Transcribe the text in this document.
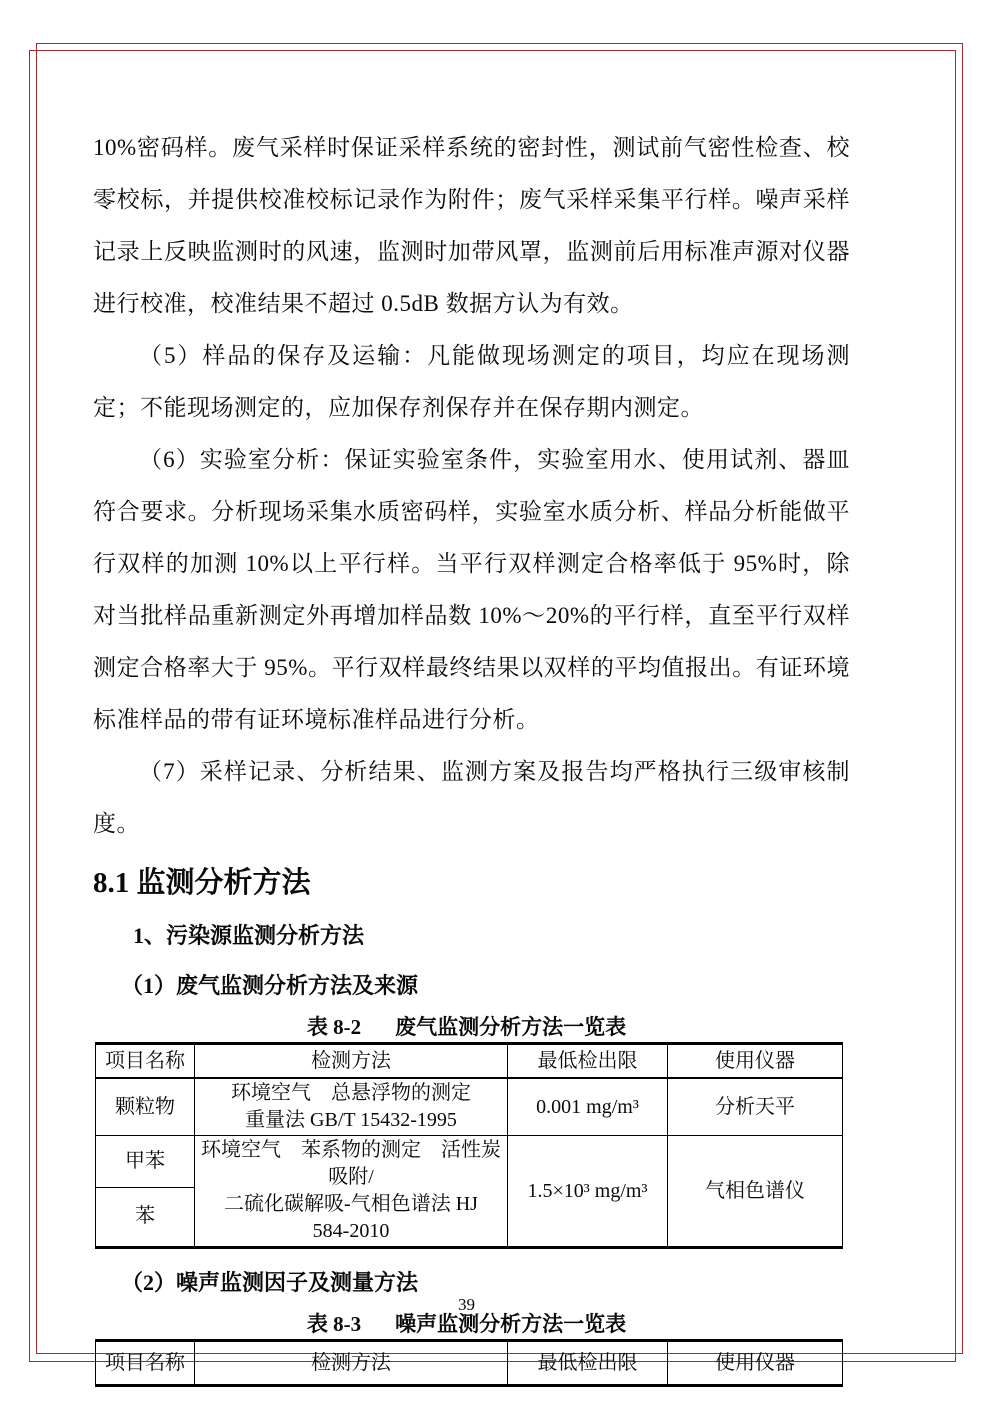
10%密码样。废气采样时保证采样系统的密封性，测试前气密性检查、校零校标，并提供校准校标记录作为附件；废气采样采集平行样。噪声采样记录上反映监测时的风速，监测时加带风罩，监测前后用标准声源对仪器进行校准，校准结果不超过 0.5dB 数据方认为有效。

（5）样品的保存及运输：凡能做现场测定的项目，均应在现场测定；不能现场测定的，应加保存剂保存并在保存期内测定。

（6）实验室分析：保证实验室条件，实验室用水、使用试剂、器皿符合要求。分析现场采集水质密码样，实验室水质分析、样品分析能做平行双样的加测 10%以上平行样。当平行双样测定合格率低于 95%时，除对当批样品重新测定外再增加样品数 10%～20%的平行样，直至平行双样测定合格率大于 95%。平行双样最终结果以双样的平均值报出。有证环境标准样品的带有证环境标准样品进行分析。

（7）采样记录、分析结果、监测方案及报告均严格执行三级审核制度。

8.1 监测分析方法
1、污染源监测分析方法
（1）废气监测分析方法及来源

表 8-2 废气监测分析方法一览表

项目名称	检测方法	最低检出限	使用仪器
颗粒物	环境空气　总悬浮物的测定
重量法 GB/T 15432-1995	0.001 mg/m³	分析天平
甲苯	环境空气　苯系物的测定　活性炭吸附/
二硫化碳解吸-气相色谱法 HJ
584-2010	1.5×10³ mg/m³	气相色谱仪
苯			
（2）噪声监测因子及测量方法

表 8-3 噪声监测分析方法一览表

项目名称	检测方法	最低检出限	使用仪器
39
